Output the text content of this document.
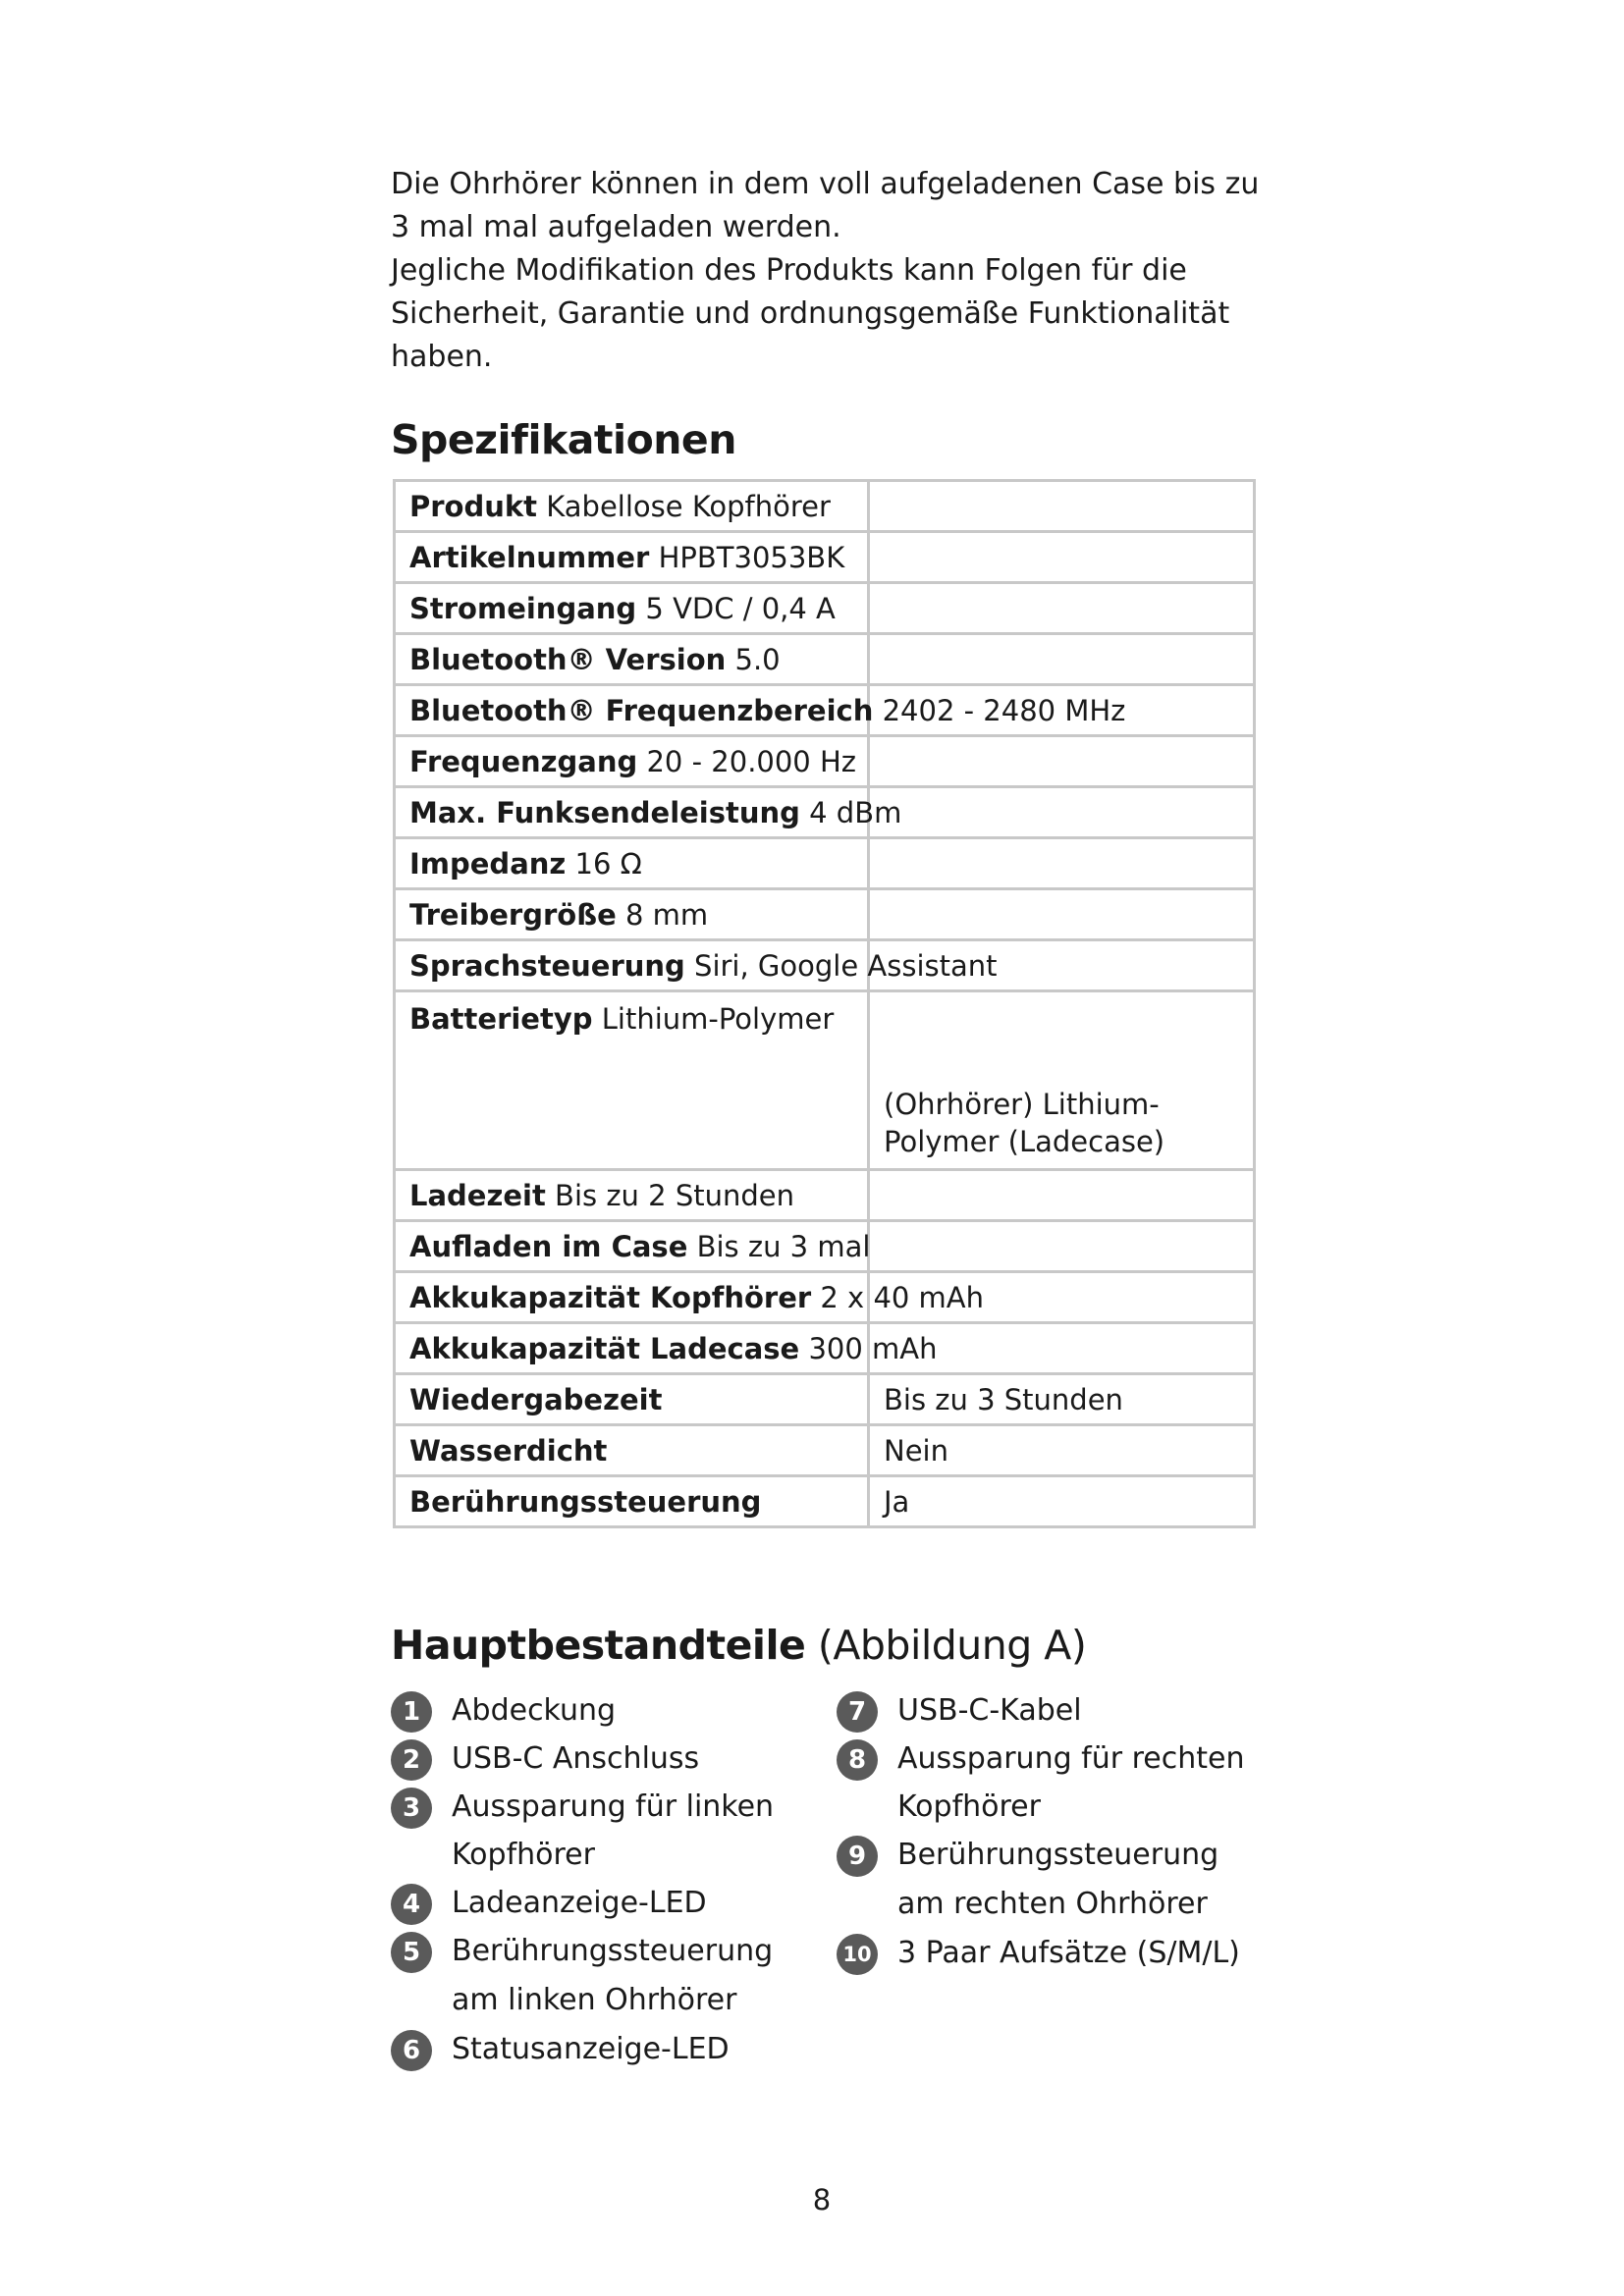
Die Ohrhörer können in dem voll aufgeladenen Case bis zu 3 mal mal aufgeladen werden.

Jegliche Modifikation des Produkts kann Folgen für die Sicherheit, Garantie und ordnungsgemäße Funktionalität haben.

Spezifikationen
Produkt Kabellose Kopfhörer	
Artikelnummer HPBT3053BK	
Stromeingang 5 VDC / 0,4 A	
Bluetooth® Version 5.0	
Bluetooth® Frequenzbereich 2402 - 2480 MHz	
Frequenzgang 20 - 20.000 Hz	
Max. Funksendeleistung 4 dBm	
Impedanz 16 Ω	
Treibergröße 8 mm	
Sprachsteuerung Siri, Google Assistant	
Batterietyp Lithium-Polymer	(Ohrhörer) Lithium-Polymer (Ladecase)
Ladezeit Bis zu 2 Stunden	
Aufladen im Case Bis zu 3 mal	
Akkukapazität Kopfhörer 2 x 40 mAh	
Akkukapazität Ladecase 300 mAh	
Wiedergabezeit	Bis zu 3 Stunden
Wasserdicht	Nein
Berührungssteuerung	Ja
Hauptbestandteile (Abbildung A)
1	Abdeckung
2	USB-C Anschluss
3	Aussparung für linken Kopfhörer
4	Ladeanzeige-LED
5	Berührungssteuerung am linken Ohrhörer
6	Statusanzeige-LED
7	USB-C-Kabel
8	Aussparung für rechten Kopfhörer
9	Berührungssteuerung am rechten Ohrhörer
10 3 Paar Aufsätze (S/M/L)
8
